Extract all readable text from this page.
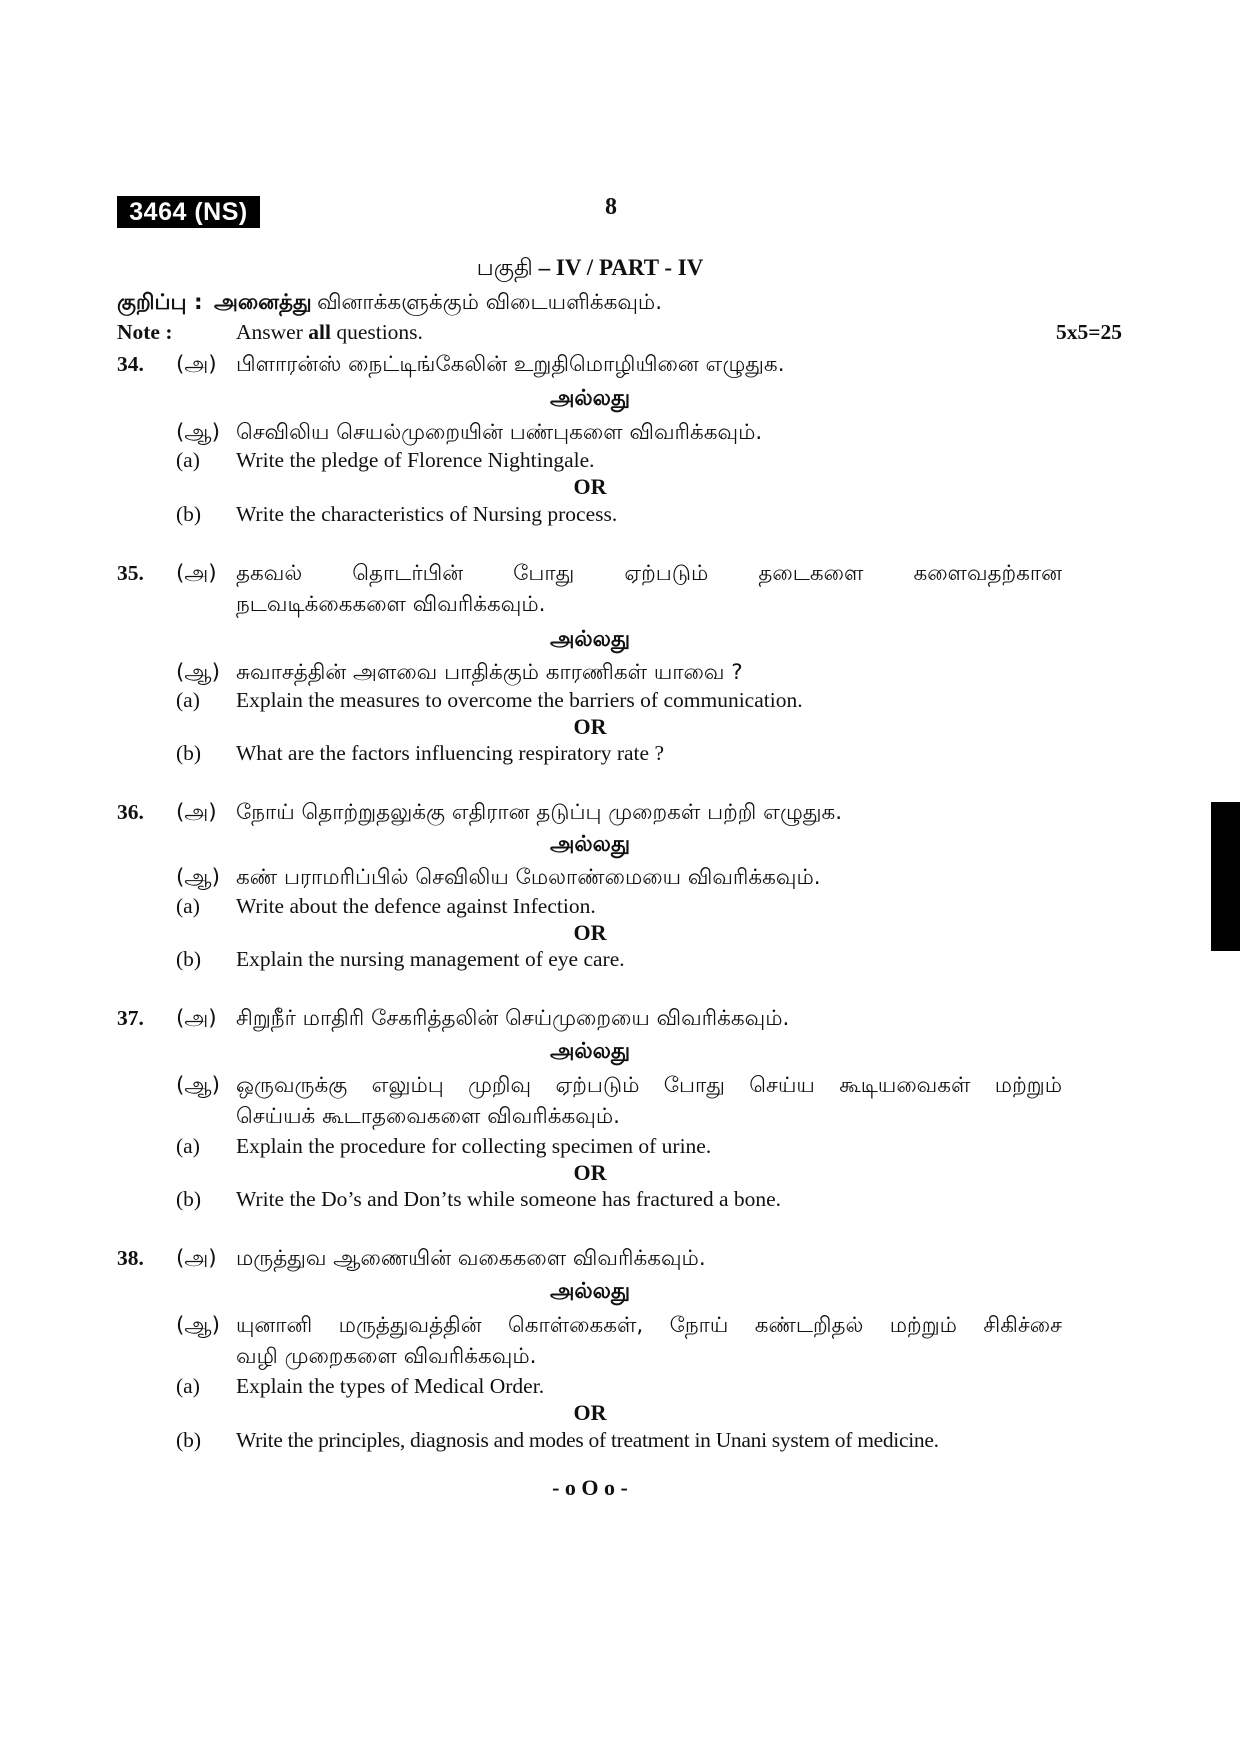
3464 (NS)	8
பகுதி – IV / PART - IV
குறிப்பு : அனைத்து வினாக்களுக்கும் விடையளிக்கவும்.
Note :	Answer all questions.	5x5=25
34. (அ) பிளாரன்ஸ் நைட்டிங்கேலின் உறுதிமொழியினை எழுதுக.
அல்லது
(ஆ) செவிலிய செயல்முறையின் பண்புகளை விவரிக்கவும்.
(a) Write the pledge of Florence Nightingale.
OR
(b) Write the characteristics of Nursing process.
35. (அ) தகவல் தொடர்பின் போது ஏற்படும் தடைகளை களைவதற்கான
நடவடிக்கைகளை விவரிக்கவும்.
அல்லது
(ஆ) சுவாசத்தின் அளவை பாதிக்கும் காரணிகள் யாவை ?
(a) Explain the measures to overcome the barriers of communication.
OR
(b) What are the factors influencing respiratory rate ?
36. (அ) நோய் தொற்றுதலுக்கு எதிரான தடுப்பு முறைகள் பற்றி எழுதுக.
அல்லது
(ஆ) கண் பராமரிப்பில் செவிலிய மேலாண்மையை விவரிக்கவும்.
(a) Write about the defence against Infection.
OR
(b) Explain the nursing management of eye care.
37. (அ) சிறுநீர் மாதிரி சேகரித்தலின் செய்முறையை விவரிக்கவும்.
அல்லது
(ஆ) ஒருவருக்கு எலும்பு முறிவு ஏற்படும் போது செய்ய கூடியவைகள் மற்றும்
செய்யக் கூடாதவைகளை விவரிக்கவும்.
(a) Explain the procedure for collecting specimen of urine.
OR
(b) Write the Do’s and Don’ts while someone has fractured a bone.
38. (அ) மருத்துவ ஆணையின் வகைகளை விவரிக்கவும்.
அல்லது
(ஆ) யுனானி மருத்துவத்தின் கொள்கைகள், நோய் கண்டறிதல் மற்றும் சிகிச்சை
வழி முறைகளை விவரிக்கவும்.
(a) Explain the types of Medical Order.
OR
(b) Write the principles, diagnosis and modes of treatment in Unani system of medicine.
- o O o -
